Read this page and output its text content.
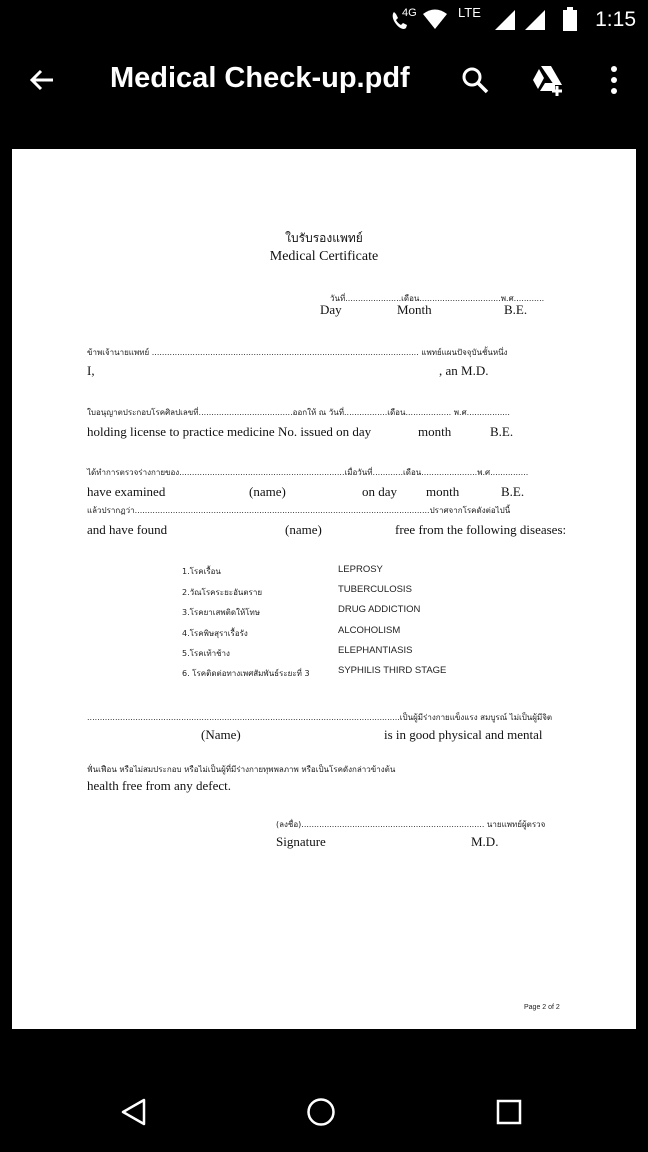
4G	LTE	1:15
Medical Check-up.pdf
ใบรับรองแพทย์
Medical Certificate
วันที่......................เดือน................................พ.ศ............
Day	Month	B.E.
ข้าพเจ้านายแพทย์ ......................................................................................................... แพทย์แผนปัจจุบันชั้นหนึ่ง
I,	, an M.D.
ใบอนุญาตประกอบโรคศิลปเลขที่.....................................ออกให้ ณ วันที่.................เดือน.................. พ.ศ.................
holding license to practice medicine No. issued on day	month	B.E.
ได้ทำการตรวจร่างกายของ.................................................................เมื่อวันที่............เดือน......................พ.ศ...............
have examined	(name)	on day month	B.E.
แล้วปรากฏว่า....................................................................................................................ปราศจากโรคดังต่อไปนี้
and have found	(name)	free from the following diseases:
1.โรคเรื้อน	LEPROSY
2.วัณโรคระยะอันตราย	TUBERCULOSIS
3.โรคยาเสพติดให้โทษ	DRUG ADDICTION
4.โรคพิษสุราเรื้อรัง	ALCOHOLISM
5.โรคเท้าช้าง	ELEPHANTIASIS
6. โรคติดต่อทางเพศสัมพันธ์ระยะที่ 3	SYPHILIS THIRD STAGE
...........................................................................................................................เป็นผู้มีร่างกายแข็งแรง สมบูรณ์ ไม่เป็นผู้มีจิต
(Name)	is in good physical and mental
ฟั่นเฟือน หรือไม่สมประกอบ หรือไม่เป็นผู้ที่มีร่างกายทุพพลภาพ หรือเป็นโรคดังกล่าวข้างต้น
health free from any defect.
(ลงชื่อ)........................................................................ นายแพทย์ผู้ตรวจ
Signature	M.D.
Page 2 of 2
